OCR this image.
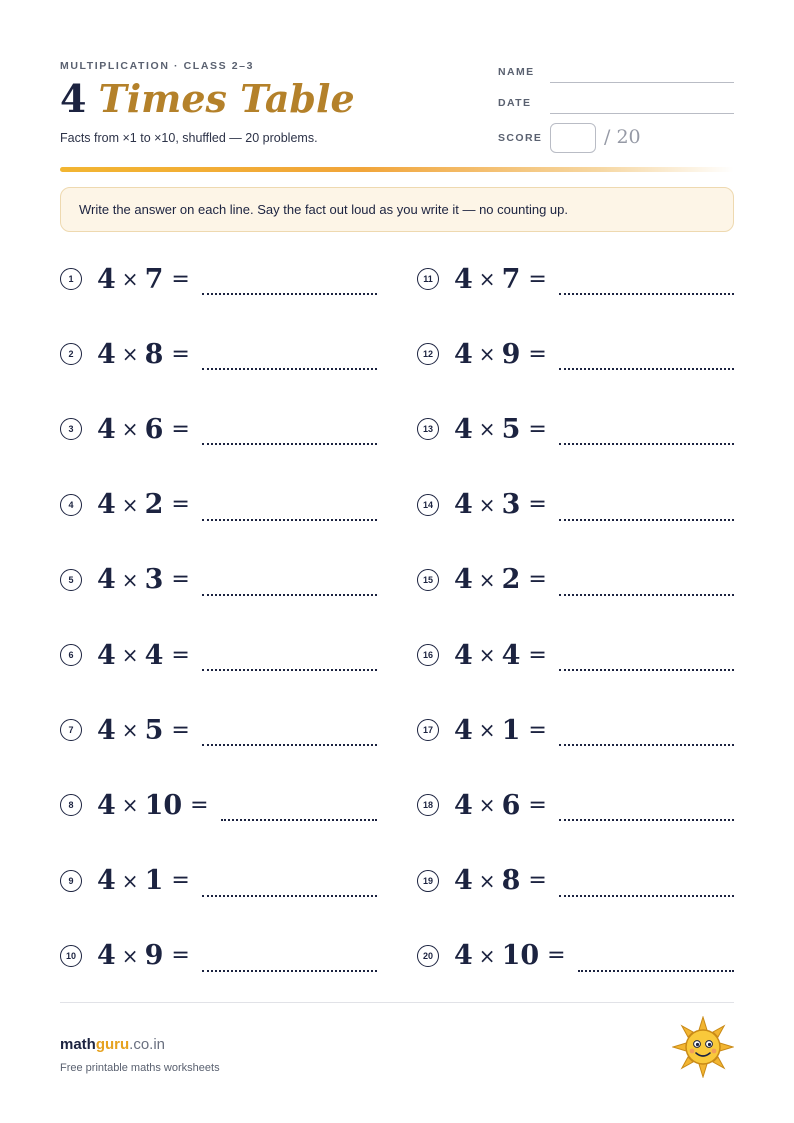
MULTIPLICATION · CLASS 2–3
4 Times Table
Facts from ×1 to ×10, shuffled — 20 problems.
NAME
DATE
SCORE	/ 20
Write the answer on each line. Say the fact out loud as you write it — no counting up.
1 4 × 7 =
2 4 × 8 =
3 4 × 6 =
4 4 × 2 =
5 4 × 3 =
6 4 × 4 =
7 4 × 5 =
8 4 × 10 =
9 4 × 1 =
10 4 × 9 =
11 4 × 7 =
12 4 × 9 =
13 4 × 5 =
14 4 × 3 =
15 4 × 2 =
16 4 × 4 =
17 4 × 1 =
18 4 × 6 =
19 4 × 8 =
20 4 × 10 =
mathguru.co.in
Free printable maths worksheets
